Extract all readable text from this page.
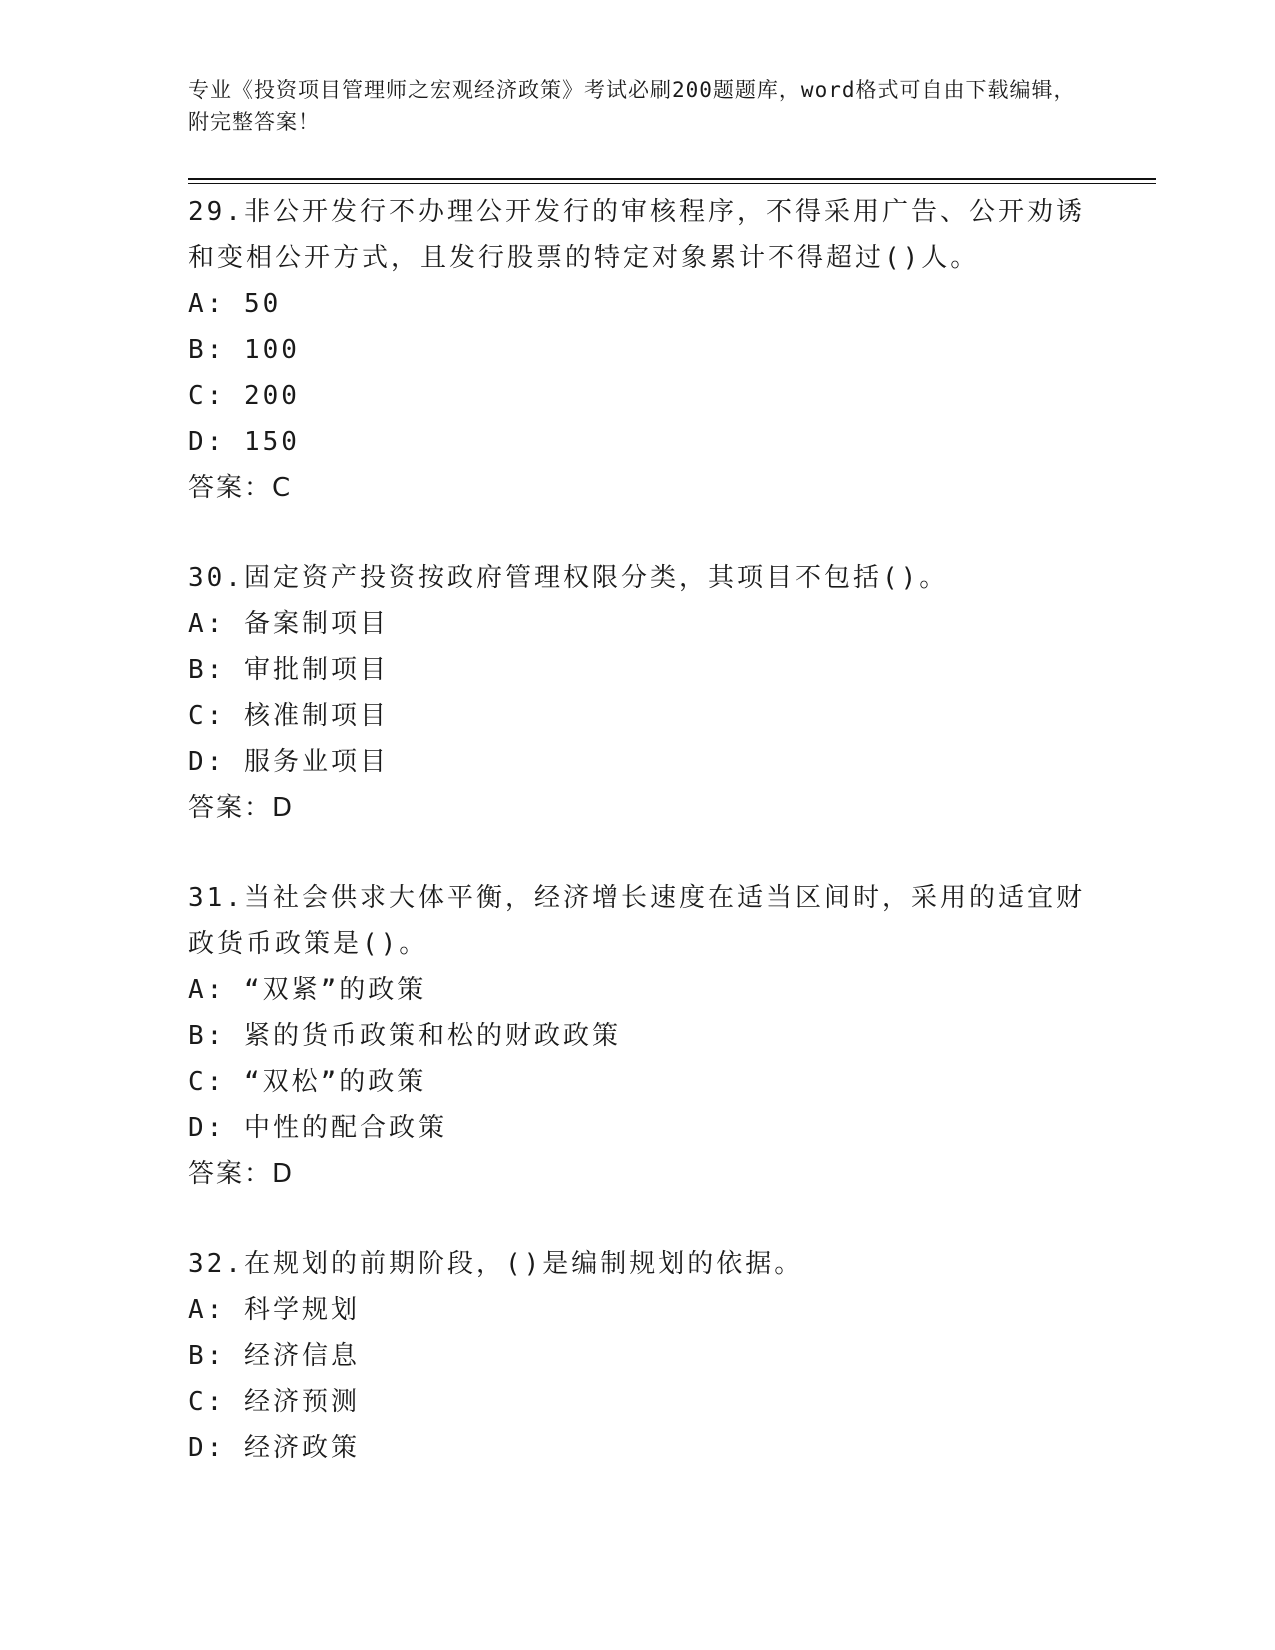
专业《投资项目管理师之宏观经济政策》考试必刷200题题库，word格式可自由下载编辑，附完整答案！

29.非公开发行不办理公开发行的审核程序，不得采用广告、公开劝诱和变相公开方式，且发行股票的特定对象累计不得超过()人。

A: 50

B: 100

C: 200

D: 150

答案：C

30.固定资产投资按政府管理权限分类，其项目不包括()。

A: 备案制项目

B: 审批制项目

C: 核准制项目

D: 服务业项目

答案：D

31.当社会供求大体平衡，经济增长速度在适当区间时，采用的适宜财政货币政策是()。

A: “双紧”的政策

B: 紧的货币政策和松的财政政策

C: “双松”的政策

D: 中性的配合政策

答案：D

32.在规划的前期阶段，()是编制规划的依据。

A: 科学规划

B: 经济信息

C: 经济预测

D: 经济政策
